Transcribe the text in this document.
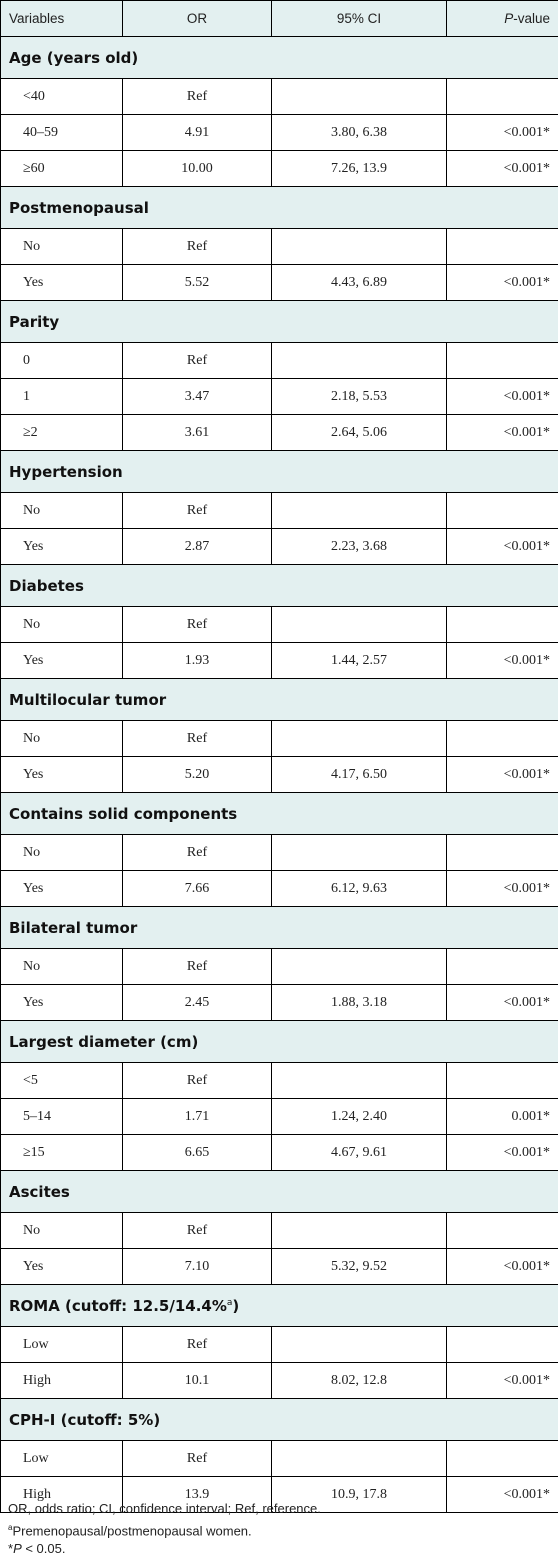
Variables	OR	95% CI	P-value
Age (years old)			
<40	Ref		
40–59	4.91	3.80, 6.38	<0.001*
≥60	10.00	7.26, 13.9	<0.001*
Postmenopausal			
No	Ref		
Yes	5.52	4.43, 6.89	<0.001*
Parity			
0	Ref		
1	3.47	2.18, 5.53	<0.001*
≥2	3.61	2.64, 5.06	<0.001*
Hypertension			
No	Ref		
Yes	2.87	2.23, 3.68	<0.001*
Diabetes			
No	Ref		
Yes	1.93	1.44, 2.57	<0.001*
Multilocular tumor			
No	Ref		
Yes	5.20	4.17, 6.50	<0.001*
Contains solid components			
No	Ref		
Yes	7.66	6.12, 9.63	<0.001*
Bilateral tumor			
No	Ref		
Yes	2.45	1.88, 3.18	<0.001*
Largest diameter (cm)			
<5	Ref		
5–14	1.71	1.24, 2.40	0.001*
≥15	6.65	4.67, 9.61	<0.001*
Ascites			
No	Ref		
Yes	7.10	5.32, 9.52	<0.001*
ROMA (cutoff: 12.5/14.4%$^a$)			
Low	Ref		
High	10.1	8.02, 12.8	<0.001*
CPH-I (cutoff: 5%)			
Low	Ref		
High	13.9	10.9, 17.8	<0.001*

OR, odds ratio; CI, confidence interval; Ref, reference.

$^a$Premenopausal/postmenopausal women.

*P < 0.05.
